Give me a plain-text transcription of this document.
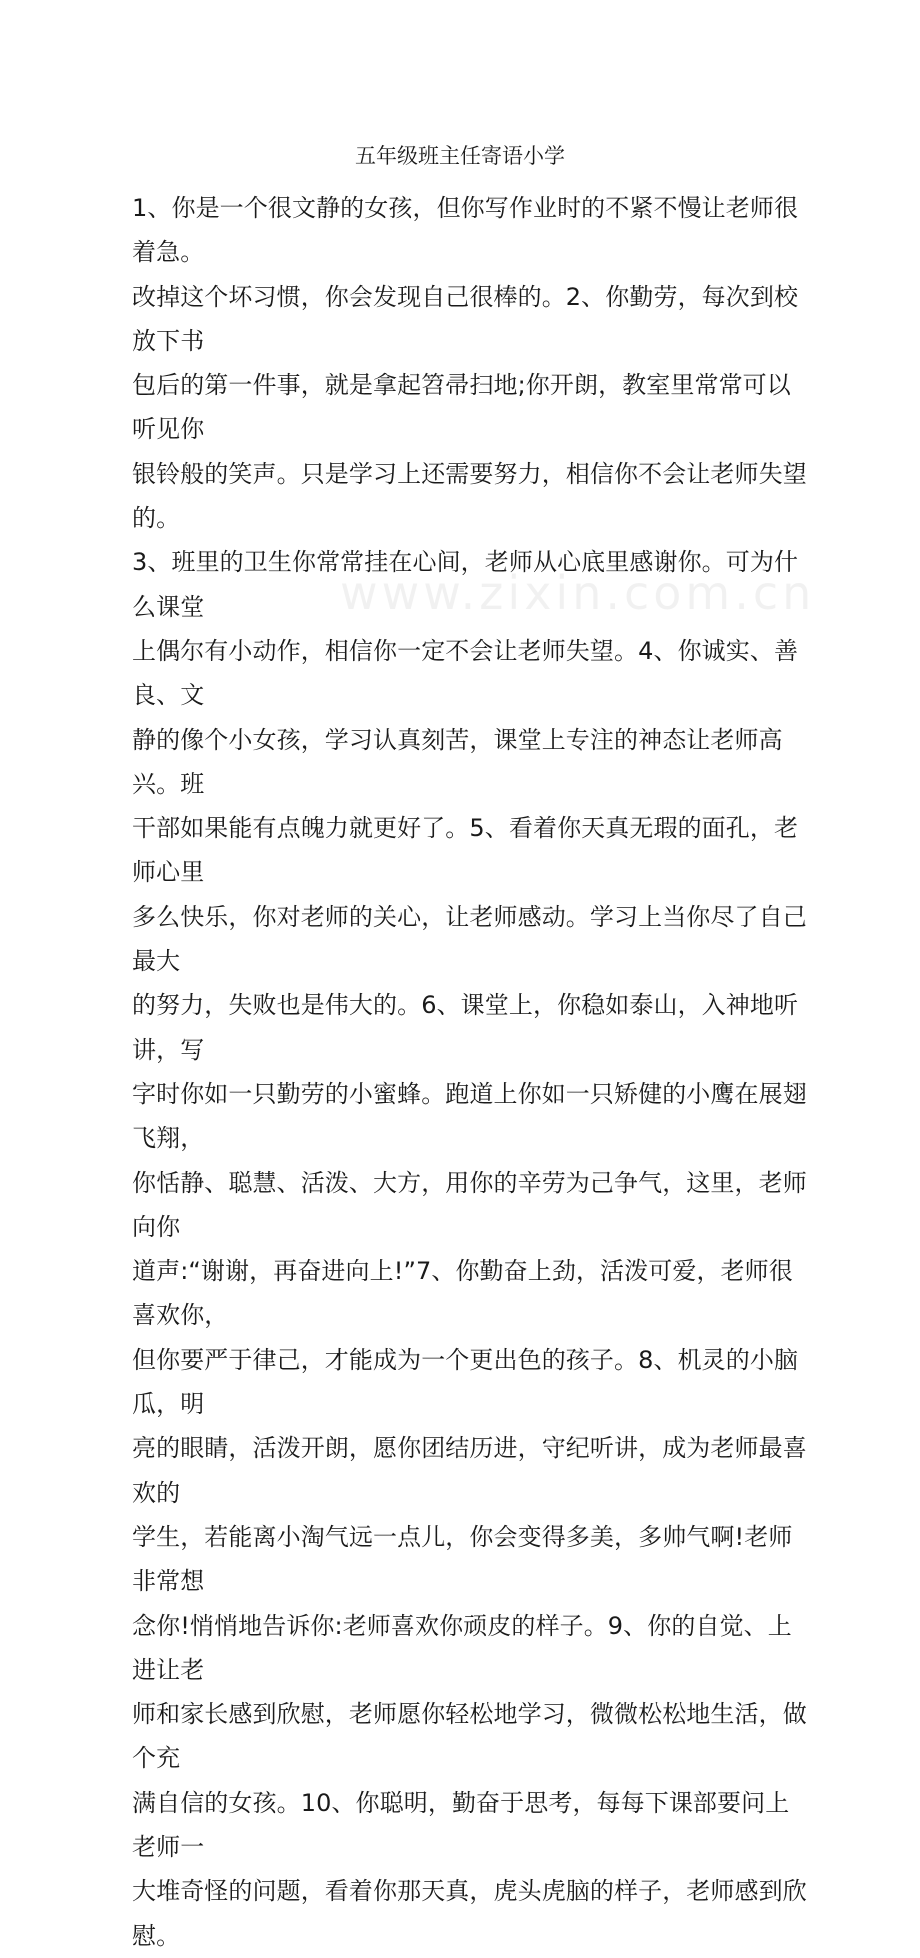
五年级班主任寄语小学

1、你是一个很文静的女孩，但你写作业时的不紧不慢让老师很着急。
改掉这个坏习惯，你会发现自己很棒的。2、你勤劳，每次到校放下书
包后的第一件事，就是拿起笤帚扫地;你开朗，教室里常常可以听见你
银铃般的笑声。只是学习上还需要努力，相信你不会让老师失望的。
3、班里的卫生你常常挂在心间，老师从心底里感谢你。可为什么课堂
上偶尔有小动作，相信你一定不会让老师失望。4、你诚实、善良、文
静的像个小女孩，学习认真刻苦，课堂上专注的神态让老师高兴。班
干部如果能有点魄力就更好了。5、看着你天真无瑕的面孔，老师心里
多么快乐，你对老师的关心，让老师感动。学习上当你尽了自己最大
的努力，失败也是伟大的。6、课堂上，你稳如泰山，入神地听讲，写
字时你如一只勤劳的小蜜蜂。跑道上你如一只矫健的小鹰在展翅飞翔，
你恬静、聪慧、活泼、大方，用你的辛劳为己争气，这里，老师向你
道声:“谢谢，再奋进向上!”7、你勤奋上劲，活泼可爱，老师很喜欢你，
但你要严于律己，才能成为一个更出色的孩子。8、机灵的小脑瓜，明
亮的眼睛，活泼开朗，愿你团结历进，守纪听讲，成为老师最喜欢的
学生，若能离小淘气远一点儿，你会变得多美，多帅气啊!老师非常想
念你!悄悄地告诉你:老师喜欢你顽皮的样子。9、你的自觉、上进让老
师和家长感到欣慰，老师愿你轻松地学习，微微松松地生活，做个充
满自信的女孩。10、你聪明，勤奋于思考，每每下课部要问上老师一
大堆奇怪的问题，看着你那天真，虎头虎脑的样子，老师感到欣慰。

www.zixin.com.cn
